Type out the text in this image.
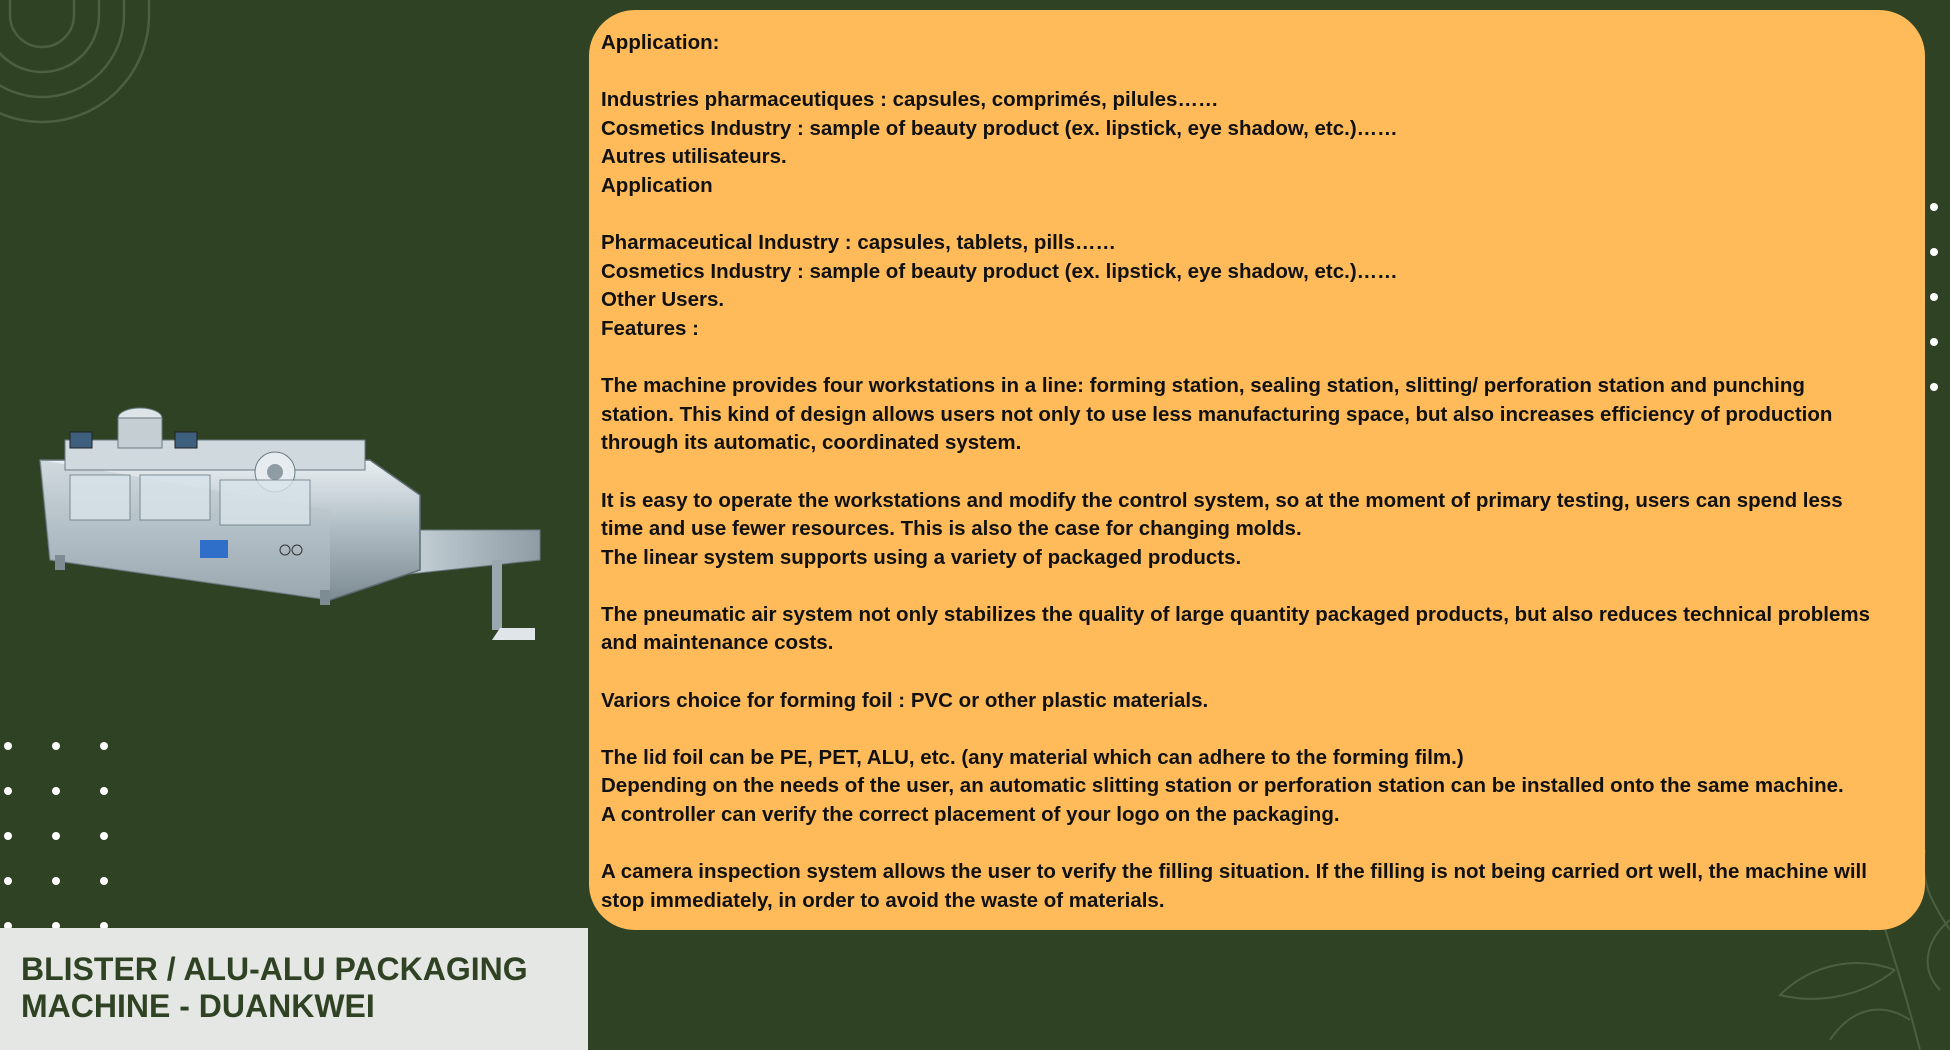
Application:

Industries pharmaceutiques : capsules, comprimés, pilules……
Cosmetics Industry : sample of beauty product (ex. lipstick, eye shadow, etc.)……
Autres utilisateurs.
Application

Pharmaceutical Industry : capsules, tablets, pills……
Cosmetics Industry : sample of beauty product (ex. lipstick, eye shadow, etc.)……
Other Users.
Features :

The machine provides four workstations in a line: forming station, sealing station, slitting/ perforation station and punching
station. This kind of design allows users not only to use less manufacturing space, but also increases efficiency of production
through its automatic, coordinated system.

It is easy to operate the workstations and modify the control system, so at the moment of primary testing, users can spend less
time and use fewer resources. This is also the case for changing molds.
The linear system supports using a variety of packaged products.

The pneumatic air system not only stabilizes the quality of large quantity packaged products, but also reduces technical problems
and maintenance costs.

Variors choice for forming foil : PVC or other plastic materials.

The lid foil can be PE, PET, ALU, etc. (any material which can adhere to the forming film.)
Depending on the needs of the user, an automatic slitting station or perforation station can be installed onto the same machine.
A controller can verify the correct placement of your logo on the packaging.

A camera inspection system allows the user to verify the filling situation. If the filling is not being carried ort well, the machine will
stop immediately, in order to avoid the waste of materials.

BLISTER / ALU-ALU PACKAGING
MACHINE - DUANKWEI
